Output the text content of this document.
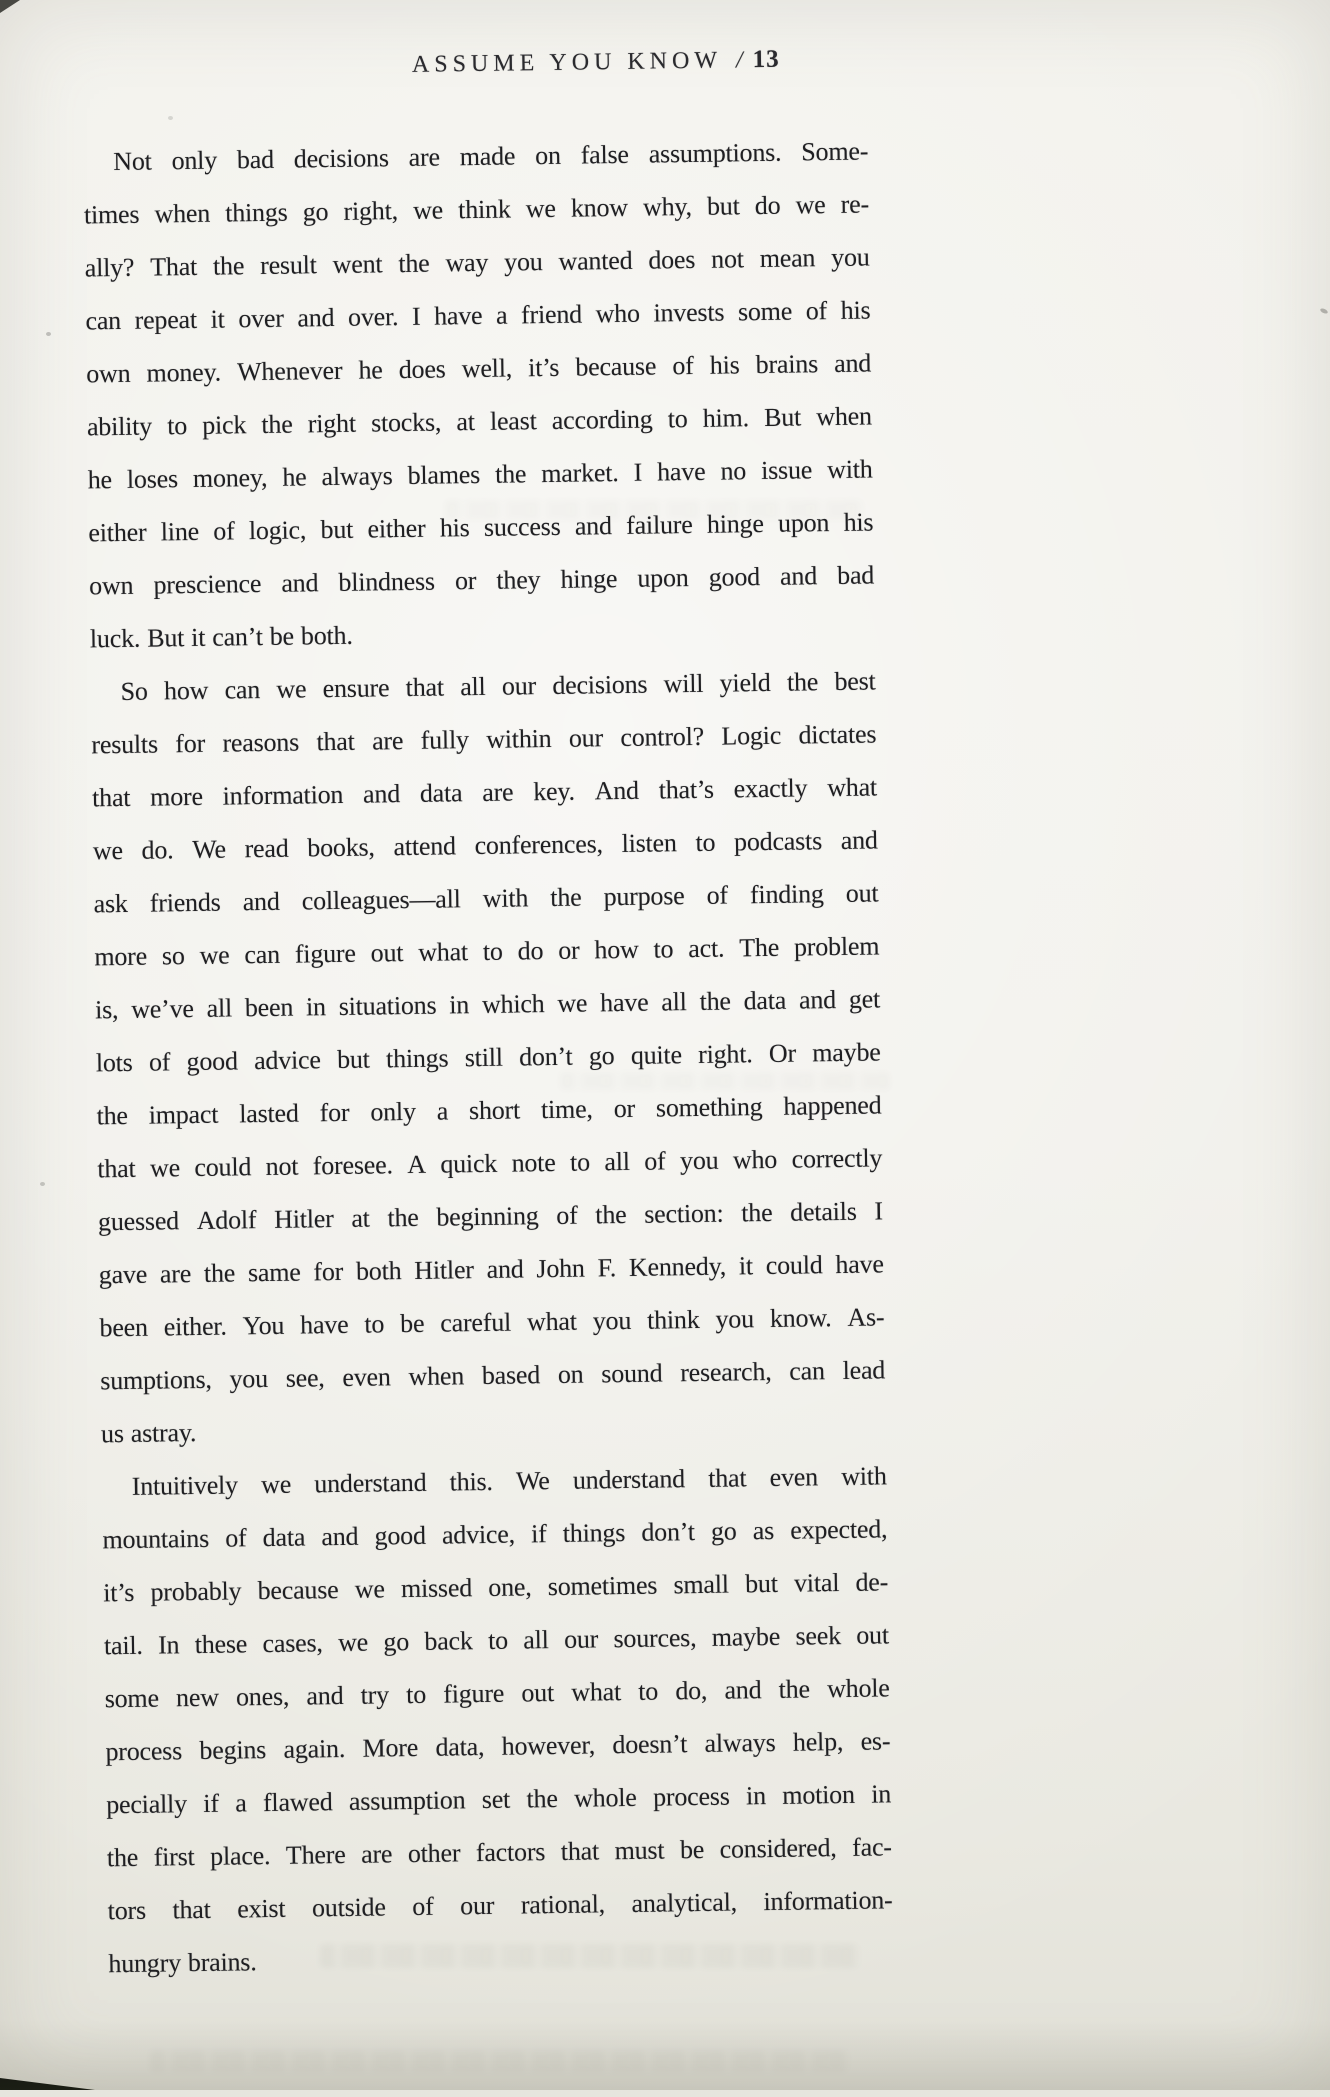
ASSUME YOU KNOW / 13
Not only bad decisions are made on false assumptions. Some-
times when things go right, we think we know why, but do we re-
ally? That the result went the way you wanted does not mean you
can repeat it over and over. I have a friend who invests some of his
own money. Whenever he does well, it’s because of his brains and
ability to pick the right stocks, at least according to him. But when
he loses money, he always blames the market. I have no issue with
either line of logic, but either his success and failure hinge upon his
own prescience and blindness or they hinge upon good and bad
luck. But it can’t be both.
So how can we ensure that all our decisions will yield the best
results for reasons that are fully within our control? Logic dictates
that more information and data are key. And that’s exactly what
we do. We read books, attend conferences, listen to podcasts and
ask friends and colleagues—all with the purpose of finding out
more so we can figure out what to do or how to act. The problem
is, we’ve all been in situations in which we have all the data and get
lots of good advice but things still don’t go quite right. Or maybe
the impact lasted for only a short time, or something happened
that we could not foresee. A quick note to all of you who correctly
guessed Adolf Hitler at the beginning of the section: the details I
gave are the same for both Hitler and John F. Kennedy, it could have
been either. You have to be careful what you think you know. As-
sumptions, you see, even when based on sound research, can lead
us astray.
Intuitively we understand this. We understand that even with
mountains of data and good advice, if things don’t go as expected,
it’s probably because we missed one, sometimes small but vital de-
tail. In these cases, we go back to all our sources, maybe seek out
some new ones, and try to figure out what to do, and the whole
process begins again. More data, however, doesn’t always help, es-
pecially if a flawed assumption set the whole process in motion in
the first place. There are other factors that must be considered, fac-
tors that exist outside of our rational, analytical, information-
hungry brains.
